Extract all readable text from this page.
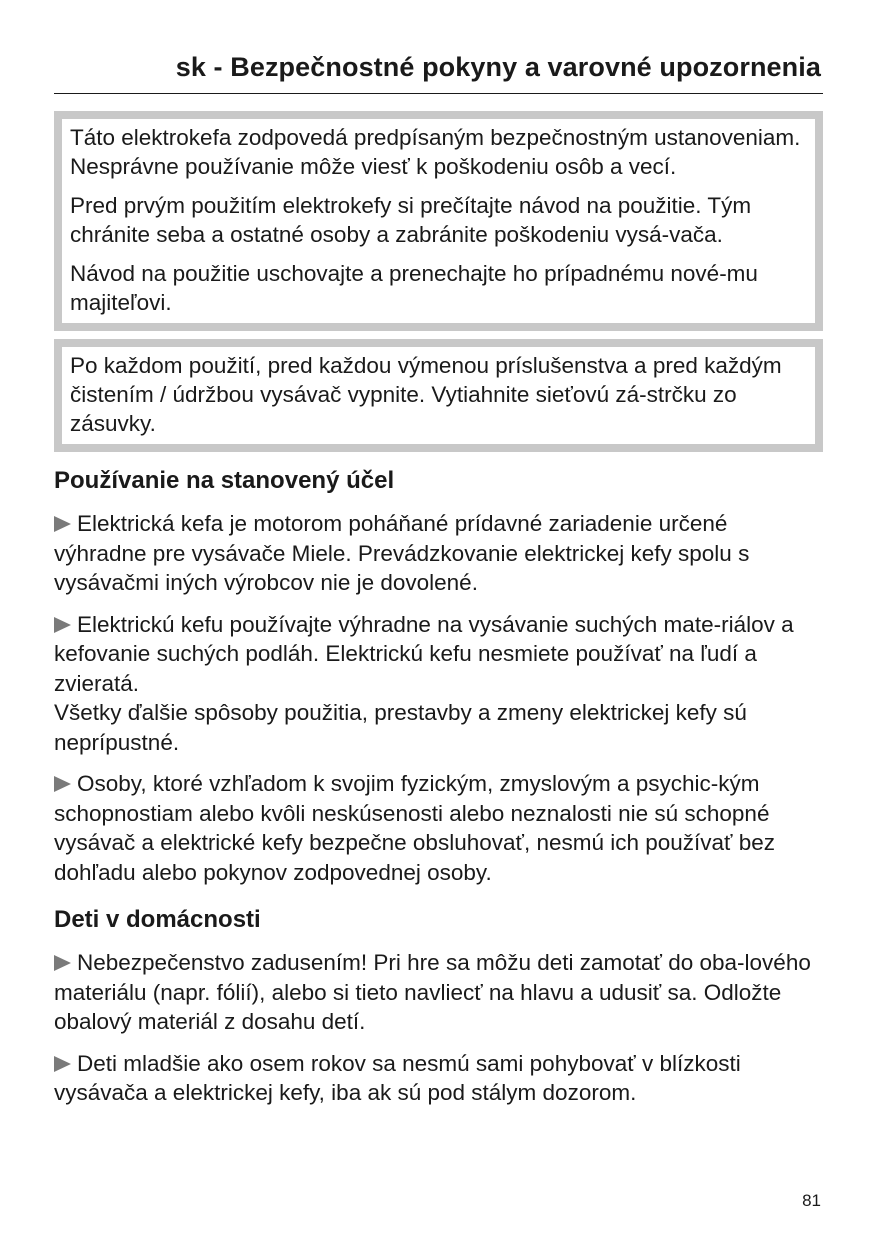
sk - Bezpečnostné pokyny a varovné upozornenia

Táto elektrokefa zodpovedá predpísaným bezpečnostným ustanoveniam. Nesprávne používanie môže viesť k poškodeniu osôb a vecí.

Pred prvým použitím elektrokefy si prečítajte návod na použitie. Tým chránite seba a ostatné osoby a zabránite poškodeniu vysá-vača.

Návod na použitie uschovajte a prenechajte ho prípadnému nové-mu majiteľovi.

Po každom použití, pred každou výmenou príslušenstva a pred každým čistením / údržbou vysávač vypnite. Vytiahnite sieťovú zá-strčku zo zásuvky.

Používanie na stanovený účel

Elektrická kefa je motorom poháňané prídavné zariadenie určené výhradne pre vysávače Miele. Prevádzkovanie elektrickej kefy spolu s vysávačmi iných výrobcov nie je dovolené.

Elektrickú kefu používajte výhradne na vysávanie suchých mate-riálov a kefovanie suchých podláh. Elektrickú kefu nesmiete používať na ľudí a zvieratá.

Všetky ďalšie spôsoby použitia, prestavby a zmeny elektrickej kefy sú neprípustné.

Osoby, ktoré vzhľadom k svojim fyzickým, zmyslovým a psychic-kým schopnostiam alebo kvôli neskúsenosti alebo neznalosti nie sú schopné vysávač a elektrické kefy bezpečne obsluhovať, nesmú ich používať bez dohľadu alebo pokynov zodpovednej osoby.

Deti v domácnosti

Nebezpečenstvo zadusením! Pri hre sa môžu deti zamotať do oba-lového materiálu (napr. fólií), alebo si tieto navliecť na hlavu a udusiť sa. Odložte obalový materiál z dosahu detí.

Deti mladšie ako osem rokov sa nesmú sami pohybovať v blízkosti vysávača a elektrickej kefy, iba ak sú pod stálym dozorom.

81
